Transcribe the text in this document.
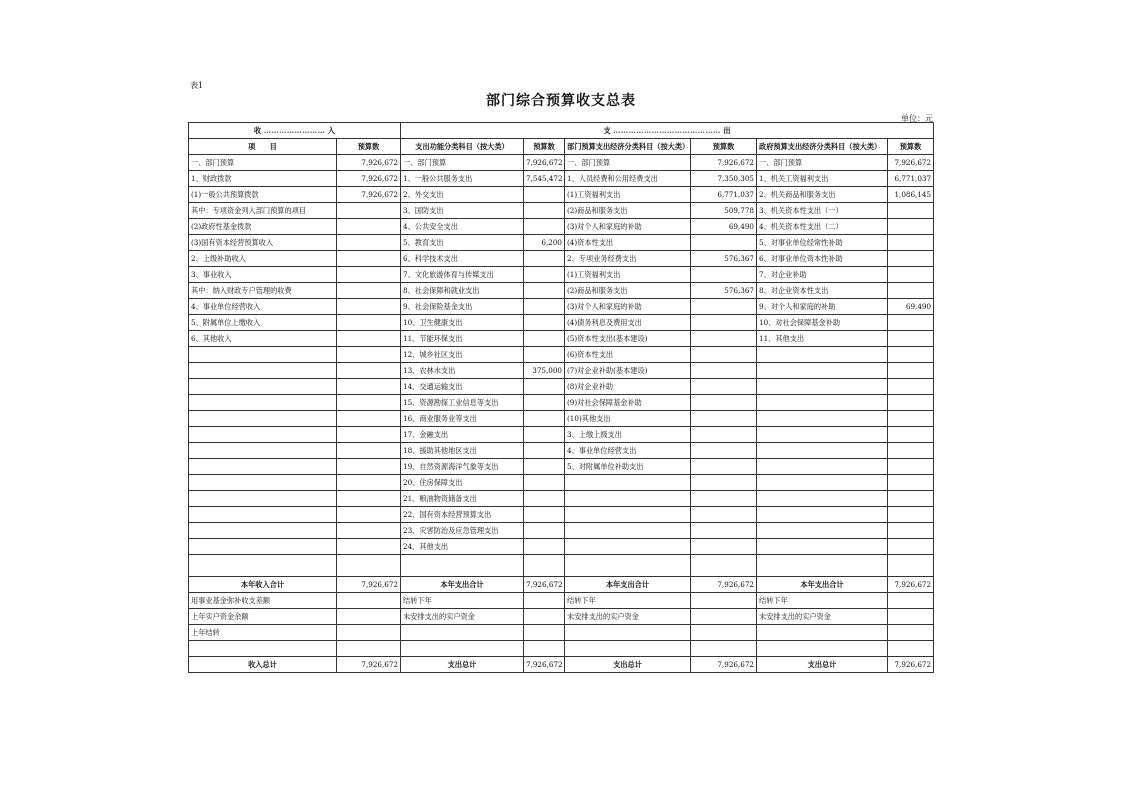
表1
部门综合预算收支总表
单位：元
收 …………………… 入		支 …………………………………… 出					
项　　目	预算数	支出功能分类科目（按大类）	预算数	部门预算支出经济分类科目（按大类）	预算数	政府预算支出经济分类科目（按大类）	预算数
一、部门预算	7,926,672	一、部门预算	7,926,672	一、部门预算	7,926,672	一、部门预算	7,926,672
1、财政拨款	7,926,672	1、一般公共服务支出	7,545,472	1、人员经费和公用经费支出	7,350,305	1、机关工资福利支出	6,771,037
(1)一般公共预算拨款	7,926,672	2、外交支出		(1)工资福利支出	6,771,037	2、机关商品和服务支出	1,086,145
其中：专项资金列入部门预算的项目		3、国防支出		(2)商品和服务支出	509,778	3、机关资本性支出（一）	
(2)政府性基金拨款		4、公共安全支出		(3)对个人和家庭的补助	69,490	4、机关资本性支出（二）	
(3)国有资本经营预算收入		5、教育支出	6,200	(4)资本性支出		5、对事业单位经常性补助	
2、上级补助收入		6、科学技术支出		2、专项业务经费支出	576,367	6、对事业单位资本性补助	
3、事业收入		7、文化旅游体育与传媒支出		(1)工资福利支出		7、对企业补助	
其中：纳入财政专户管理的收费		8、社会保障和就业支出		(2)商品和服务支出	576,367	8、对企业资本性支出	
4、事业单位经营收入		9、社会保险基金支出		(3)对个人和家庭的补助		9、对个人和家庭的补助	69,490
5、附属单位上缴收入		10、卫生健康支出		(4)债务利息及费用支出		10、对社会保障基金补助	
6、其他收入		11、节能环保支出		(5)资本性支出(基本建设)		11、其他支出	
		12、城乡社区支出		(6)资本性支出			
		13、农林水支出	375,000	(7)对企业补助(基本建设)			
		14、交通运输支出		(8)对企业补助			
		15、资源勘探工业信息等支出		(9)对社会保障基金补助			
		16、商业服务业等支出		(10)其他支出			
		17、金融支出		3、上缴上级支出			
		18、援助其他地区支出		4、事业单位经营支出			
		19、自然资源海洋气象等支出		5、对附属单位补助支出			
		20、住房保障支出					
		21、粮油物资储备支出					
		22、国有资本经营预算支出					
		23、灾害防治及应急管理支出					
		24、其他支出					

本年收入合计	7,926,672	本年支出合计	7,926,672	本年支出合计	7,926,672	本年支出合计	7,926,672
用事业基金弥补收支差额		结转下年		结转下年		结转下年	
上年实户资金余额		未安排支出的实户资金		未安排支出的实户资金		未安排支出的实户资金	
上年结转							

收入总计	7,926,672	支出总计	7,926,672	支出总计	7,926,672	支出总计	7,926,672
